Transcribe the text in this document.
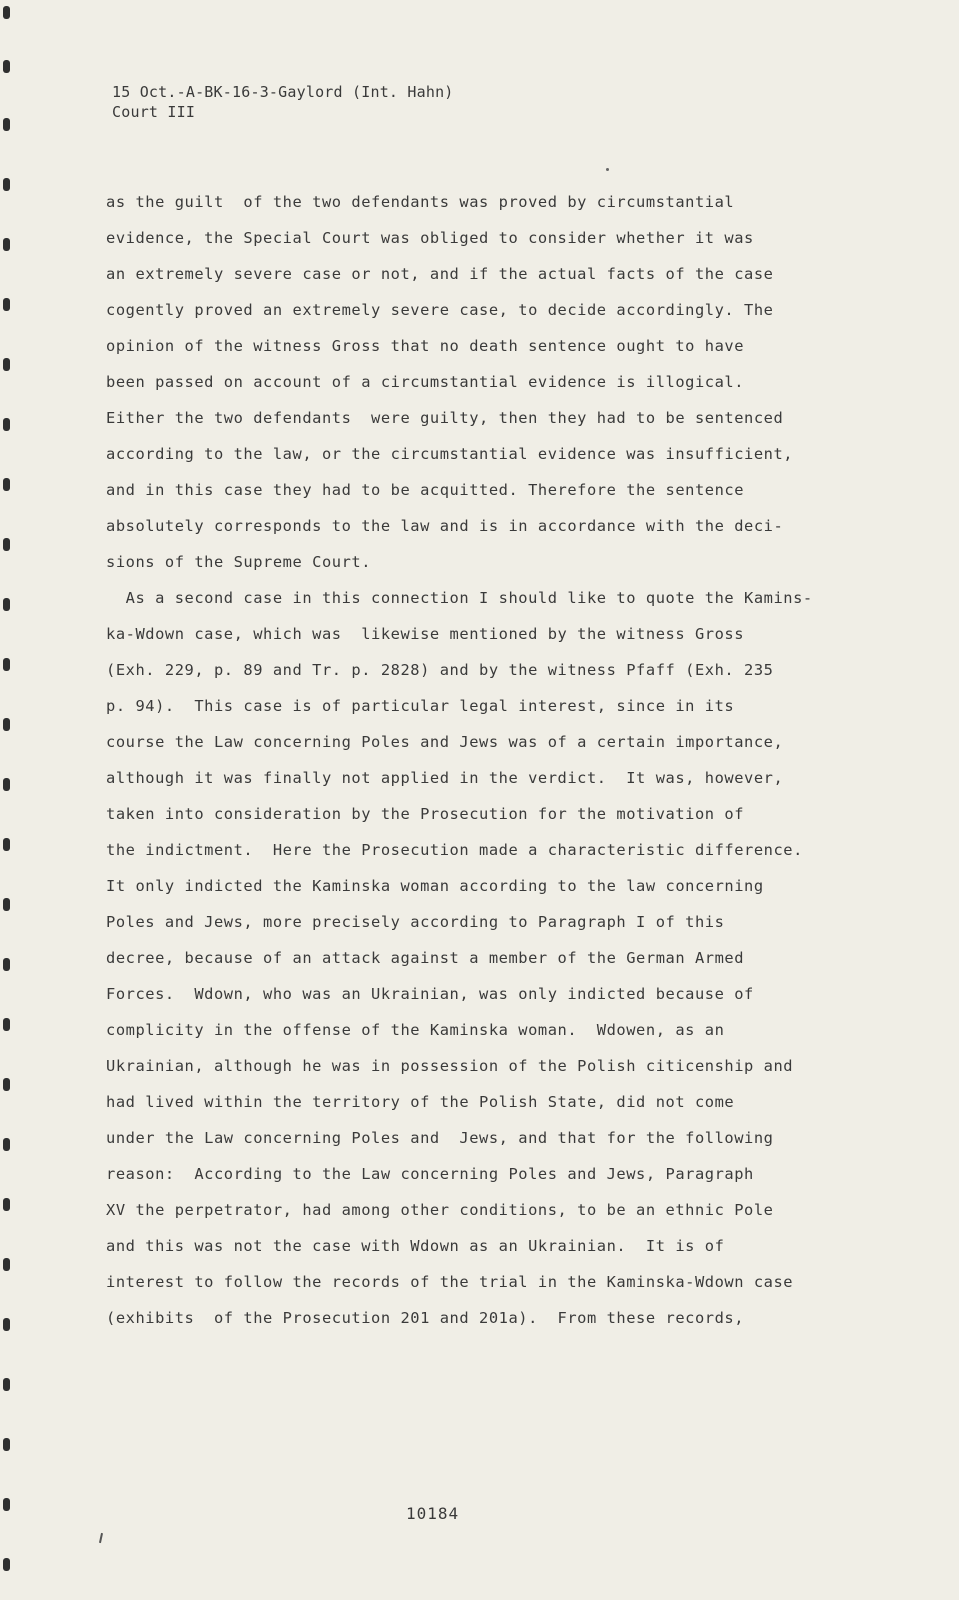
15 Oct.-A-BK-16-3-Gaylord (Int. Hahn)
Court III
as the guilt  of the two defendants was proved by circumstantial
evidence, the Special Court was obliged to consider whether it was
an extremely severe case or not, and if the actual facts of the case
cogently proved an extremely severe case, to decide accordingly. The
opinion of the witness Gross that no death sentence ought to have
been passed on account of a circumstantial evidence is illogical.
Either the two defendants  were guilty, then they had to be sentenced
according to the law, or the circumstantial evidence was insufficient,
and in this case they had to be acquitted. Therefore the sentence
absolutely corresponds to the law and is in accordance with the deci-
sions of the Supreme Court.
As a second case in this connection I should like to quote the Kamins-
ka-Wdown case, which was  likewise mentioned by the witness Gross
(Exh. 229, p. 89 and Tr. p. 2828) and by the witness Pfaff (Exh. 235
p. 94).  This case is of particular legal interest, since in its
course the Law concerning Poles and Jews was of a certain importance,
although it was finally not applied in the verdict.  It was, however,
taken into consideration by the Prosecution for the motivation of
the indictment.  Here the Prosecution made a characteristic difference.
It only indicted the Kaminska woman according to the law concerning
Poles and Jews, more precisely according to Paragraph I of this
decree, because of an attack against a member of the German Armed
Forces.  Wdown, who was an Ukrainian, was only indicted because of
complicity in the offense of the Kaminska woman.  Wdowen, as an
Ukrainian, although he was in possession of the Polish citicenship and
had lived within the territory of the Polish State, did not come
under the Law concerning Poles and  Jews, and that for the following
reason:  According to the Law concerning Poles and Jews, Paragraph
XV the perpetrator, had among other conditions, to be an ethnic Pole
and this was not the case with Wdown as an Ukrainian.  It is of
interest to follow the records of the trial in the Kaminska-Wdown case
(exhibits  of the Prosecution 201 and 201a).  From these records,
10184
